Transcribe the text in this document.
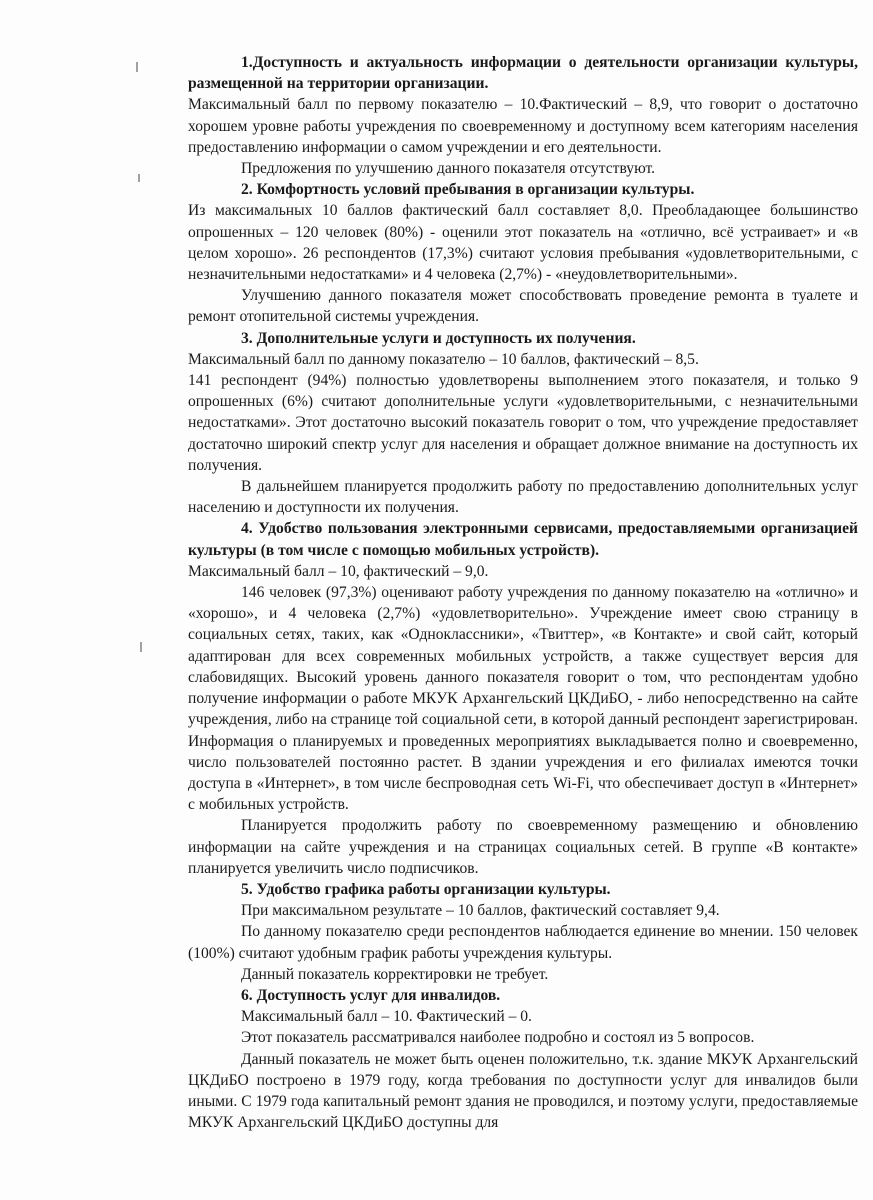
1.Доступность и актуальность информации о деятельности организации культуры, размещенной на территории организации.

Максимальный балл по первому показателю – 10.Фактический – 8,9, что говорит о достаточно хорошем уровне работы учреждения по своевременному и доступному всем категориям населения предоставлению информации о самом учреждении и его деятельности.

Предложения по улучшению данного показателя отсутствуют.

2. Комфортность условий пребывания в организации культуры.

Из максимальных 10 баллов фактический балл составляет 8,0. Преобладающее большинство опрошенных – 120 человек (80%) - оценили этот показатель на «отлично, всё устраивает» и «в целом хорошо». 26 респондентов (17,3%) считают условия пребывания «удовлетворительными, с незначительными недостатками» и 4 человека (2,7%) - «неудовлетворительными».

Улучшению данного показателя может способствовать проведение ремонта в туалете и ремонт отопительной системы учреждения.

3. Дополнительные услуги и доступность их получения.

Максимальный балл по данному показателю – 10 баллов, фактический – 8,5.

141 респондент (94%) полностью удовлетворены выполнением этого показателя, и только 9 опрошенных (6%) считают дополнительные услуги «удовлетворительными, с незначительными недостатками». Этот достаточно высокий показатель говорит о том, что учреждение предоставляет достаточно широкий спектр услуг для населения и обращает должное внимание на доступность их получения.

В дальнейшем планируется продолжить работу по предоставлению дополнительных услуг населению и доступности их получения.

4. Удобство пользования электронными сервисами, предоставляемыми организацией культуры (в том числе с помощью мобильных устройств).

Максимальный балл – 10, фактический – 9,0.

146 человек (97,3%) оценивают работу учреждения по данному показателю на «отлично» и «хорошо», и 4 человека (2,7%) «удовлетворительно». Учреждение имеет свою страницу в социальных сетях, таких, как «Одноклассники», «Твиттер», «в Контакте» и свой сайт, который адаптирован для всех современных мобильных устройств, а также существует версия для слабовидящих. Высокий уровень данного показателя говорит о том, что респондентам удобно получение информации о работе МКУК Архангельский ЦКДиБО, - либо непосредственно на сайте учреждения, либо на странице той социальной сети, в которой данный респондент зарегистрирован. Информация о планируемых и проведенных мероприятиях выкладывается полно и своевременно, число пользователей постоянно растет. В здании учреждения и его филиалах имеются точки доступа в «Интернет», в том числе беспроводная сеть Wi-Fi, что обеспечивает доступ в «Интернет» с мобильных устройств.

Планируется продолжить работу по своевременному размещению и обновлению информации на сайте учреждения и на страницах социальных сетей. В группе «В контакте» планируется увеличить число подписчиков.

5. Удобство графика работы организации культуры.

При максимальном результате – 10 баллов, фактический составляет 9,4.

По данному показателю среди респондентов наблюдается единение во мнении. 150 человек (100%) считают удобным график работы учреждения культуры.

Данный показатель корректировки не требует.

6. Доступность услуг для инвалидов.

Максимальный балл – 10. Фактический – 0.

Этот показатель рассматривался наиболее подробно и состоял из 5 вопросов.

Данный показатель не может быть оценен положительно, т.к. здание МКУК Архангельский ЦКДиБО построено в 1979 году, когда требования по доступности услуг для инвалидов были иными. С 1979 года капитальный ремонт здания не проводился, и поэтому услуги, предоставляемые МКУК Архангельский ЦКДиБО доступны для
